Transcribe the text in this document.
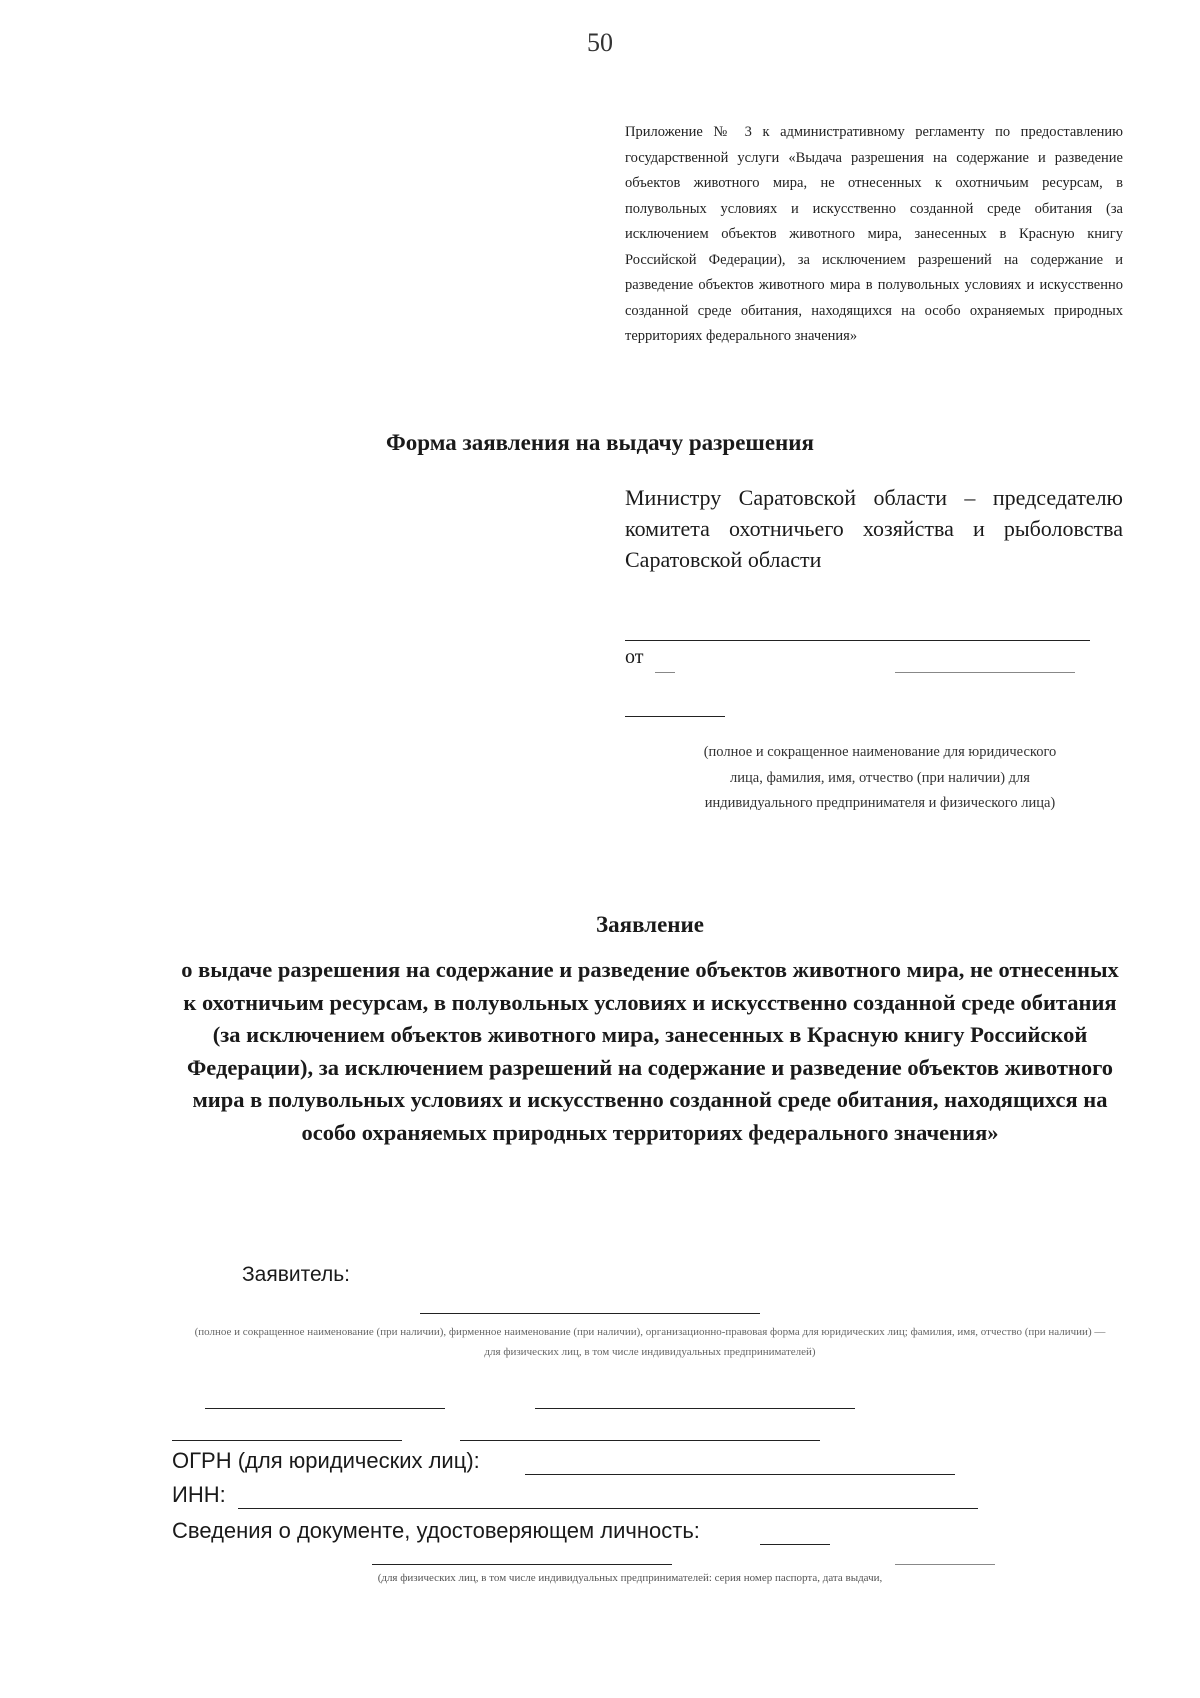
50
Приложение № 3 к административному регламенту по предоставлению государственной услуги «Выдача разрешения на содержание и разведение объектов животного мира, не отнесенных к охотничьим ресурсам, в полувольных условиях и искусственно созданной среде обитания (за исключением объектов животного мира, занесенных в Красную книгу Российской Федерации), за исключением разрешений на содержание и разведение объектов животного мира в полувольных условиях и искусственно созданной среде обитания, находящихся на особо охраняемых природных территориях федерального значения»
Форма заявления на выдачу разрешения
Министру Саратовской области – председателю комитета охотничьего хозяйства и рыболовства Саратовской области
от
(полное и сокращенное наименование для юридического лица, фамилия, имя, отчество (при наличии) для индивидуального предпринимателя и физического лица)
Заявление
о выдаче разрешения на содержание и разведение объектов животного мира, не отнесенных к охотничьим ресурсам, в полувольных условиях и искусственно созданной среде обитания (за исключением объектов животного мира, занесенных в Красную книгу Российской Федерации), за исключением разрешений на содержание и разведение объектов животного мира в полувольных условиях и искусственно созданной среде обитания, находящихся на особо охраняемых природных территориях федерального значения»
Заявитель:
(полное и сокращенное наименование (при наличии), фирменное наименование (при наличии), организационно-правовая форма для юридических лиц; фамилия, имя, отчество (при наличии) — для физических лиц, в том числе индивидуальных предпринимателей)
ОГРН (для юридических лиц):
ИНН:
Сведения о документе, удостоверяющем личность:
(для физических лиц, в том числе индивидуальных предпринимателей: серия номер паспорта, дата выдачи,
